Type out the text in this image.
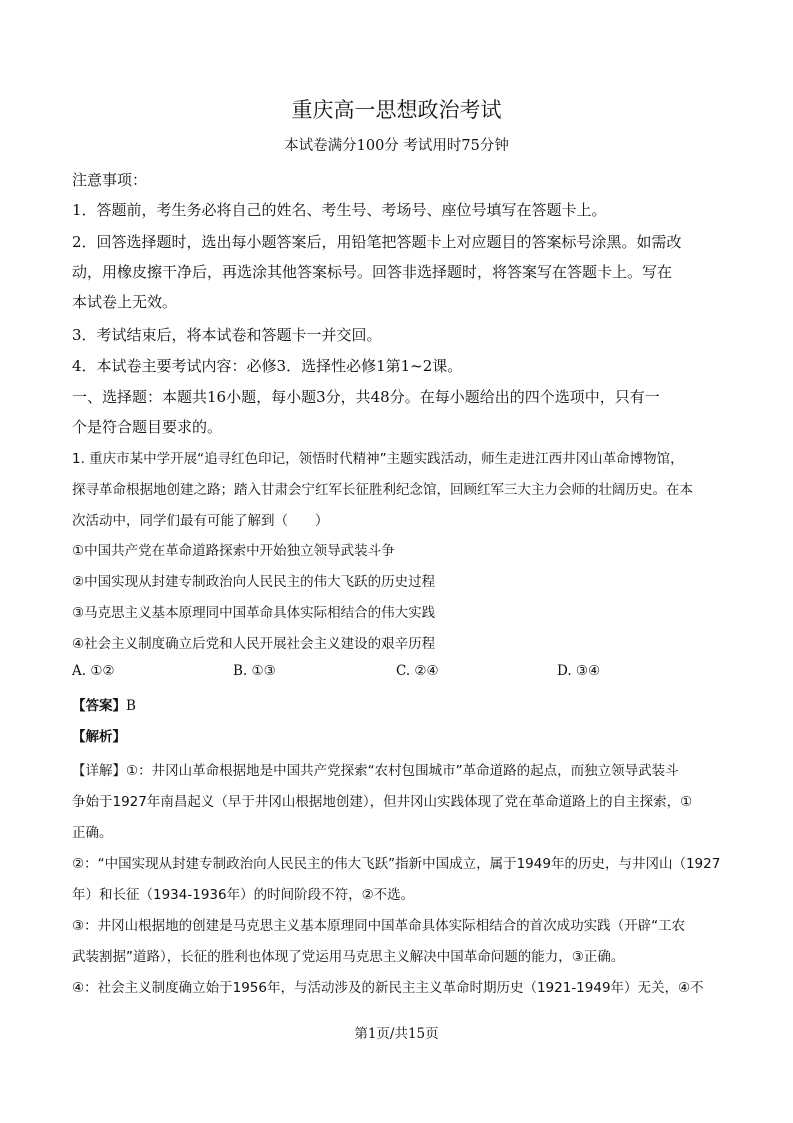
重庆高一思想政治考试
本试卷满分100分 考试用时75分钟
注意事项：
1．答题前，考生务必将自己的姓名、考生号、考场号、座位号填写在答题卡上。
2．回答选择题时，选出每小题答案后，用铅笔把答题卡上对应题目的答案标号涂黑。如需改
动，用橡皮擦干净后，再选涂其他答案标号。回答非选择题时，将答案写在答题卡上。写在
本试卷上无效。
3．考试结束后，将本试卷和答题卡一并交回。
4．本试卷主要考试内容：必修3．选择性必修1第1~2课。
一、选择题：本题共16小题，每小题3分，共48分。在每小题给出的四个选项中，只有一
个是符合题目要求的。
1. 重庆市某中学开展“追寻红色印记，领悟时代精神”主题实践活动，师生走进江西井冈山革命博物馆，
探寻革命根据地创建之路；踏入甘肃会宁红军长征胜利纪念馆，回顾红军三大主力会师的壮阔历史。在本
次活动中，同学们最有可能了解到（　　）
①中国共产党在革命道路探索中开始独立领导武装斗争
②中国实现从封建专制政治向人民民主的伟大飞跃的历史过程
③马克思主义基本原理同中国革命具体实际相结合的伟大实践
④社会主义制度确立后党和人民开展社会主义建设的艰辛历程
A. ①②	B. ①③	C. ②④	D. ③④
【答案】B
【解析】
【详解】①：井冈山革命根据地是中国共产党探索“农村包围城市”革命道路的起点，而独立领导武装斗
争始于1927年南昌起义（早于井冈山根据地创建），但井冈山实践体现了党在革命道路上的自主探索，①
正确。
②：“中国实现从封建专制政治向人民民主的伟大飞跃”指新中国成立，属于1949年的历史，与井冈山（1927
年）和长征（1934-1936年）的时间阶段不符，②不选。
③：井冈山根据地的创建是马克思主义基本原理同中国革命具体实际相结合的首次成功实践（开辟“工农
武装割据”道路），长征的胜利也体现了党运用马克思主义解决中国革命问题的能力，③正确。
④：社会主义制度确立始于1956年，与活动涉及的新民主主义革命时期历史（1921-1949年）无关，④不
第1页/共15页
